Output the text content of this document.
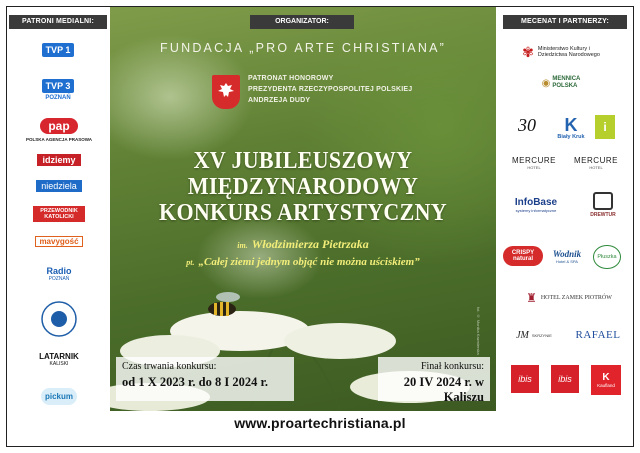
PATRONI MEDIALNI:
TVP 1
TVP 3
POZNAŃ
pap
POLSKA AGENCJA PRASOWA
idziemy
niedziela
PRZEWODNIK KATOLICKI
mavygość
Radio
POZNAŃ
LATARNIK
KALISKI
pickum
ORGANIZATOR:
FUNDACJA „PRO ARTE CHRISTIANA”
PATRONAT HONOROWY
PREZYDENTA RZECZYPOSPOLITEJ POLSKIEJ
ANDRZEJA DUDY
XV JUBILEUSZOWY
MIĘDZYNARODOWY
KONKURS ARTYSTYCZNY
im. Włodzimierza Pietrzaka
pt. „Całej ziemi jednym objąć nie można uściskiem”
fot. © Monika Kazmierska
Czas trwania konkursu:
od 1 X 2023 r. do 8 I 2024 r.
Finał konkursu:
20 IV 2024 r. w Kaliszu
MECENAT I PARTNERZY:
✾ Ministerstwo Kultury i Dziedzictwa Narodowego
◉ MENNICA POLSKA
30 K
Biały Kruk
i
MERCURE
HOTEL
MERCURE
HOTEL
InfoBase
systemy informatyczne
DREWTUR
CRISPY natural
Wodnik
Hotel & SPA
Płuszka
♜ HOTEL ZAMEK PIOTRÓW
JM SKRZYNIE RAFAEL
ibis	ibis	K
Kaufland
www.proartechristiana.pl
